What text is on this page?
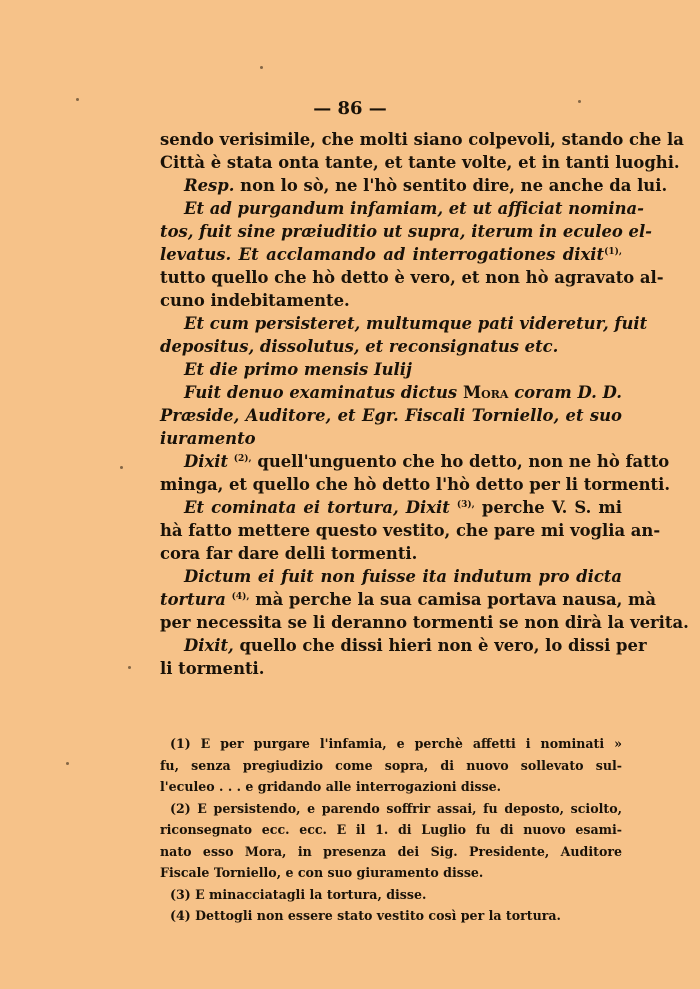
— 86 —
sendo verisimile, che molti siano colpevoli, stando che la
Città è stata onta tante, et tante volte, et in tanti luoghi.
Resp. non lo sò, ne l'hò sentito dire, ne anche da lui.
Et ad purgandum infamiam, et ut afficiat nomina-
tos, fuit sine præiuditio ut supra, iterum in eculeo el-
levatus. Et acclamando ad interrogationes dixit$^{(1),}$
tutto quello che hò detto è vero, et non hò agravato al-
cuno indebitamente.
Et cum persisteret, multumque pati videretur, fuit
depositus, dissolutus, et reconsignatus etc.
Et die primo mensis Iulij
Fuit denuo examinatus dictus Mora coram D. D.
Præside, Auditore, et Egr. Fiscali Torniello, et suo
iuramento
Dixit $^{(2),}$ quell'unguento che ho detto, non ne hò fatto
minga, et quello che hò detto l'hò detto per li tormenti.
Et cominata ei tortura, Dixit $^{(3),}$ perche V. S. mi
hà fatto mettere questo vestito, che pare mi voglia an-
cora far dare delli tormenti.
Dictum ei fuit non fuisse ita indutum pro dicta
tortura $^{(4),}$ mà perche la sua camisa portava nausa, mà
per necessita se li deranno tormenti se non dirà la verita.
Dixit, quello che dissi hieri non è vero, lo dissi per
li tormenti.
(1) E per purgare l'infamia, e perchè affetti i nominati »
fu, senza pregiudizio come sopra, di nuovo sollevato sul-
l'eculeo . . . e gridando alle interrogazioni disse.
(2) E persistendo, e parendo soffrir assai, fu deposto, sciolto,
riconsegnato ecc. ecc. E il 1. di Luglio fu di nuovo esami-
nato esso Mora, in presenza dei Sig. Presidente, Auditore
Fiscale Torniello, e con suo giuramento disse.
(3) E minacciatagli la tortura, disse.
(4) Dettogli non essere stato vestito così per la tortura.
